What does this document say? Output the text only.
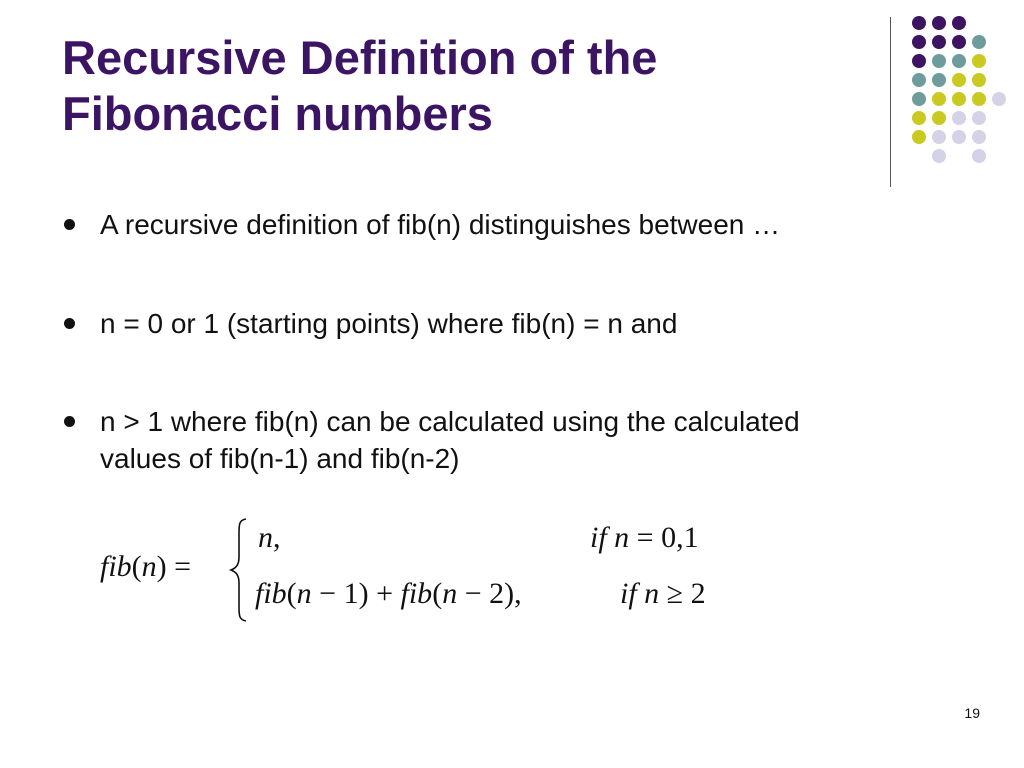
Recursive Definition of the
Fibonacci numbers
A recursive definition of fib(n) distinguishes between …
n = 0 or 1 (starting points) where fib(n) = n and
n > 1 where fib(n) can be calculated using the calculated
values of fib(n-1) and fib(n-2)
fib(n) =
n,	if n = 0,1
fib(n − 1) + fib(n − 2),	if n ≥ 2
19
